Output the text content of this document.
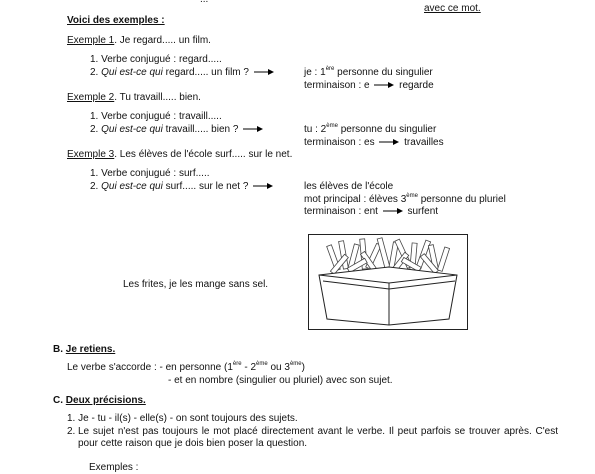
avec ce mot.
Voici des exemples :
Exemple 1. Je regard..... un film.
1. Verbe conjugué : regard.....
2. Qui est-ce qui regard..... un film ?	je : 1ère personne du singulier
terminaison : e	regarde
Exemple 2. Tu travaill..... bien.
1. Verbe conjugué : travaill.....
2. Qui est-ce qui travaill..... bien ?	tu : 2ème personne du singulier
terminaison : es	travailles
Exemple 3. Les élèves de l'école surf..... sur le net.
1. Verbe conjugué : surf.....
2. Qui est-ce qui surf..... sur le net ?	les élèves de l'école
mot principal : élèves 3ème personne du pluriel
terminaison : ent	surfent
Les frites, je les mange sans sel.
B. Je retiens.
Le verbe s'accorde : - en personne (1ère - 2ème ou 3ème)
- et en nombre (singulier ou pluriel) avec son sujet.
C. Deux précisions.
1. Je - tu - il(s) - elle(s) - on sont toujours des sujets.
2. Le sujet n'est pas toujours le mot placé directement avant le verbe. Il peut parfois se trouver après. C'est pour cette raison que je dois bien poser la question.
Exemples :
